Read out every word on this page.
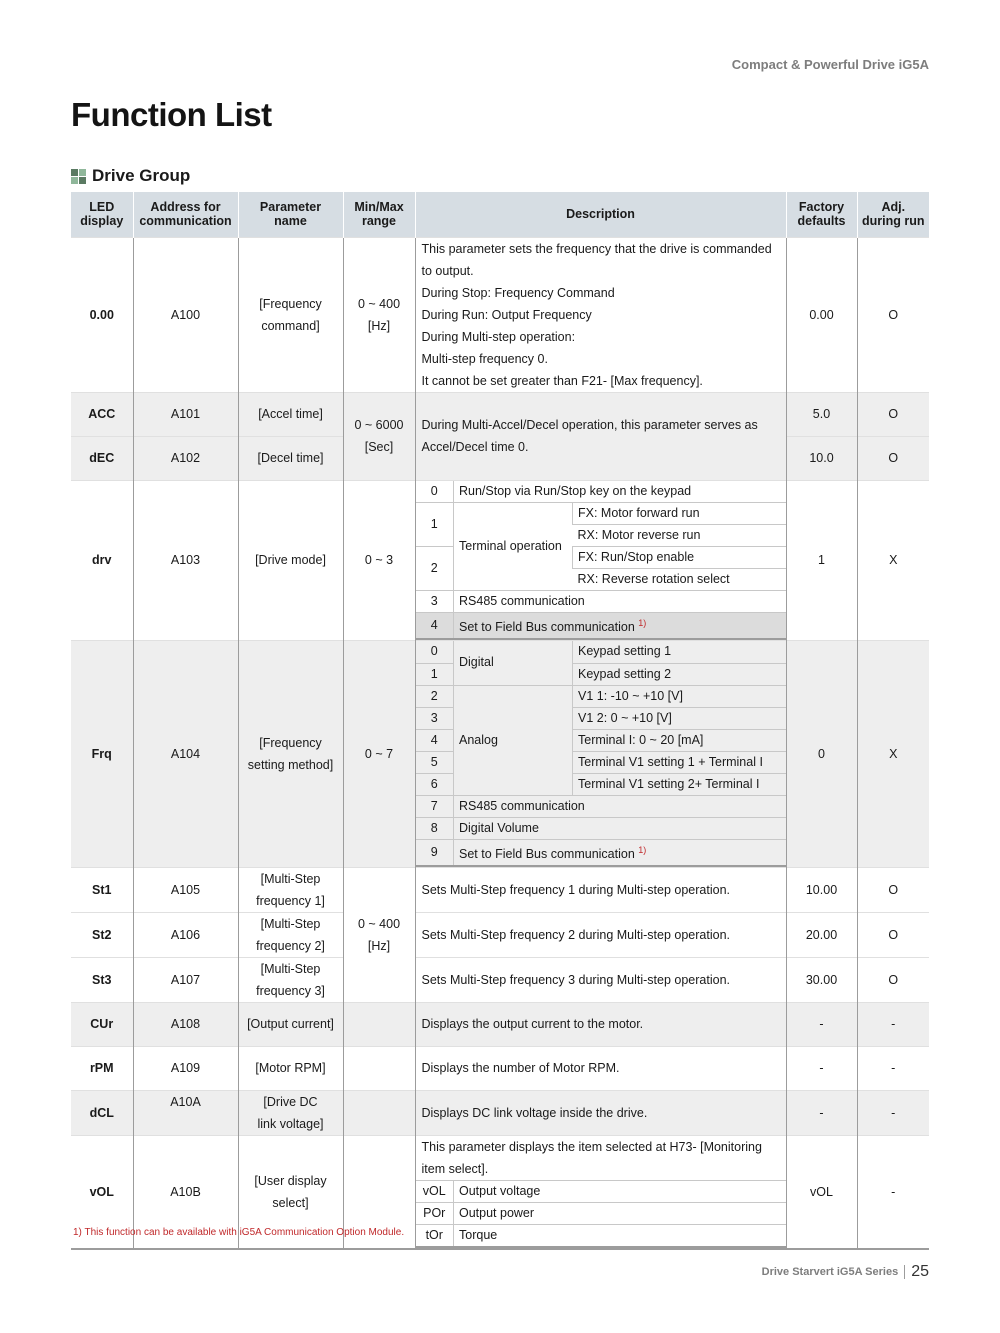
Compact & Powerful Drive iG5A
Function List
Drive Group
LED
display	Address for
communication	Parameter
name	Min/Max
range	Description	Factory
defaults	Adj.
during run
0.00	A100	[Frequency
command]	0 ~ 400
[Hz]	
This parameter sets the frequency that the drive is commanded
to output.
During Stop: Frequency Command
During Run: Output Frequency
During Multi-step operation:
Multi-step frequency 0.
It cannot be set greater than F21- [Max frequency].
	0.00	O
ACC	A101	[Accel time]	0 ~ 6000
[Sec]	
During Multi-Accel/Decel operation, this parameter serves as
Accel/Decel time 0.
	5.0	O
dEC	A102	[Decel time]	10.0	O
drv	A103	[Drive mode]	0 ~ 3	
0	Run/Stop via Run/Stop key on the keypad
1	Terminal operation	FX: Motor forward run
RX: Motor reverse run
2	FX: Run/Stop enable
RX: Reverse rotation select
3	RS485 communication
4	Set to Field Bus communication $^{1)}$
	1	X
Frq	A104	[Frequency
setting method]	0 ~ 7	
0	Digital	Keypad setting 1
1	Keypad setting 2
2	Analog	V1 1: -10 ~ +10 [V]
3	V1 2: 0 ~ +10 [V]
4	Terminal I: 0 ~ 20 [mA]
5	Terminal V1 setting 1 + Terminal I
6	Terminal V1 setting 2+ Terminal I
7	RS485 communication
8	Digital Volume
9	Set to Field Bus communication $^{1)}$
	0	X
St1	A105	[Multi-Step
frequency 1]	0 ~ 400
[Hz]	Sets Multi-Step frequency 1 during Multi-step operation.	10.00	O
St2	A106	[Multi-Step
frequency 2]	Sets Multi-Step frequency 2 during Multi-step operation.	20.00	O
St3	A107	[Multi-Step
frequency 3]	Sets Multi-Step frequency 3 during Multi-step operation.	30.00	O
CUr	A108	[Output current]		Displays the output current to the motor.	-	-
rPM	A109	[Motor RPM]		Displays the number of Motor RPM.	-	-
dCL	A10A	[Drive DC
link voltage]		Displays DC link voltage inside the drive.	-	-
vOL	A10B	[User display
select]		
This parameter displays the item selected at H73- [Monitoring
item select].
vOL	Output voltage
POr	Output power
tOr	Torque
	vOL	-
1) This function can be available with iG5A Communication Option Module.
Drive Starvert iG5A Series 25
